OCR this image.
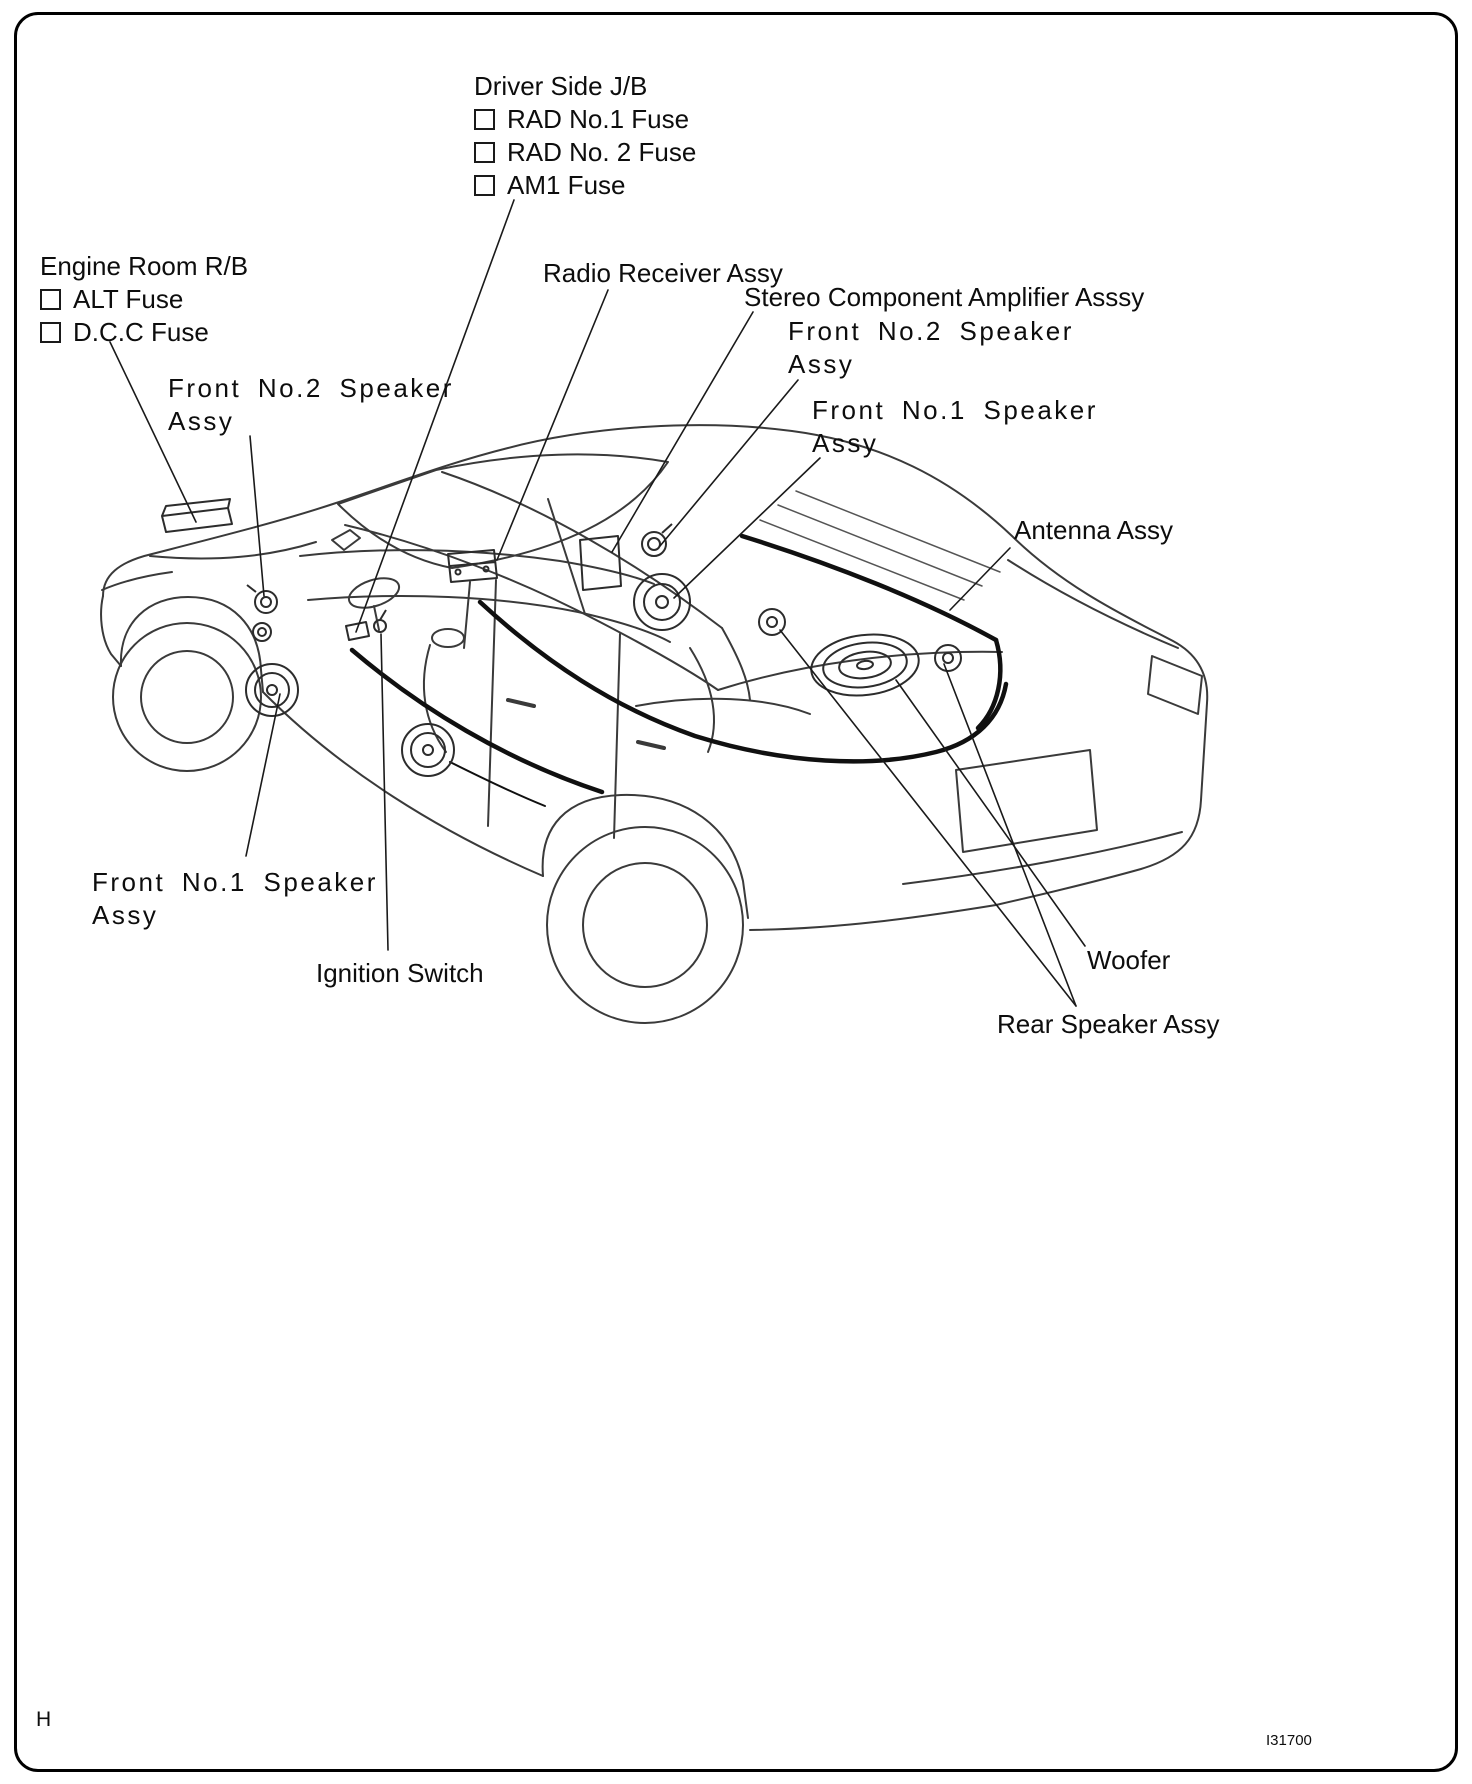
Driver Side J/B
RAD No.1 Fuse
RAD No. 2 Fuse
AM1 Fuse
Engine Room R/B
ALT Fuse
D.C.C Fuse
Front No.2 Speaker
Assy
Radio Receiver Assy
Stereo Component Amplifier Asssy
Front No.2 Speaker
Assy
Front No.1 Speaker
Assy
Antenna Assy
Front No.1 Speaker
Assy
Ignition Switch	Woofer
Rear Speaker Assy
H
I31700
